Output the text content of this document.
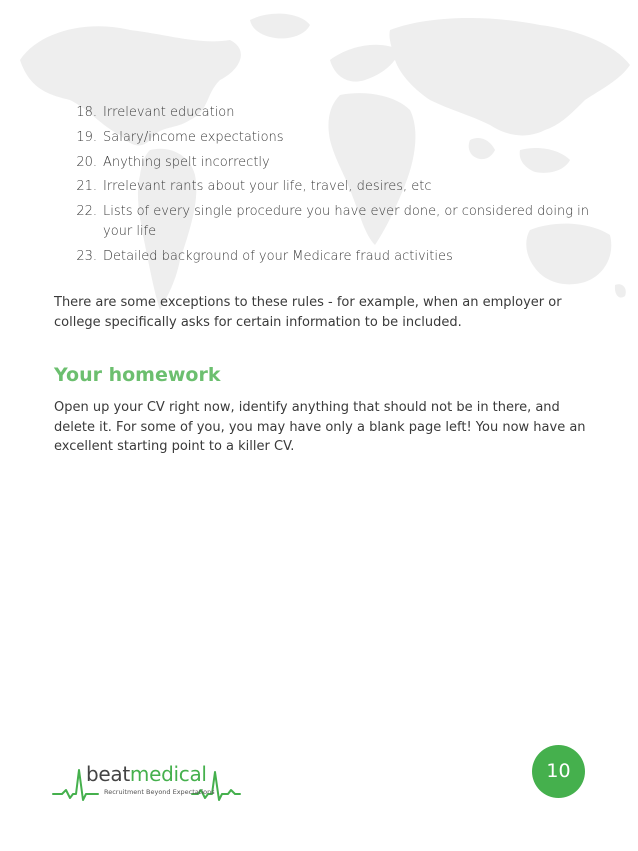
18. Irrelevant education
19. Salary/income expectations
20. Anything spelt incorrectly
21. Irrelevant rants about your life, travel, desires, etc
22. Lists of every single procedure you have ever done, or considered doing in your life
23. Detailed background of your Medicare fraud activities

There are some exceptions to these rules - for example, when an employer or college specifically asks for certain information to be included.

Your homework

Open up your CV right now, identify anything that should not be in there, and delete it. For some of you, you may have only a blank page left! You now have an excellent starting point to a killer CV.

beatmedical
Recruitment Beyond Expectations
10
